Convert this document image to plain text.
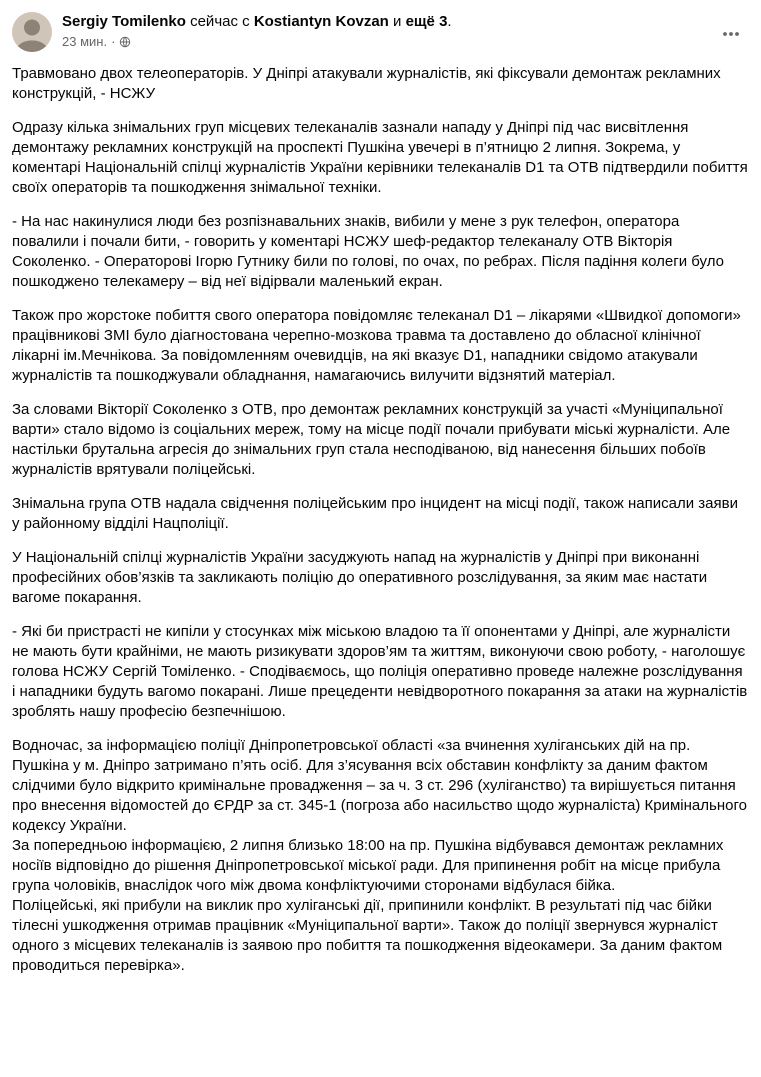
Sergiy Tomilenko сейчас с Kostiantyn Kovzan и ещё 3.
23 мин. ·

Травмовано двох телеоператорів. У Дніпрі атакували журналістів, які фіксували демонтаж рекламних конструкцій, - НСЖУ

Одразу кілька знімальних груп місцевих телеканалів зазнали нападу у Дніпрі під час висвітлення демонтажу рекламних конструкцій на проспекті Пушкіна увечері в п’ятницю 2 липня. Зокрема, у коментарі Національній спілці журналістів України керівники телеканалів D1 та ОТВ підтвердили побиття своїх операторів та пошкодження знімальної техніки.

- На нас накинулися люди без розпізнавальних знаків, вибили у мене з рук телефон, оператора повалили і почали бити, - говорить у коментарі НСЖУ шеф-редактор телеканалу ОТВ Вікторія Соколенко. - Операторові Ігорю Гутнику били по голові, по очах, по ребрах. Після падіння колеги було пошкоджено телекамеру – від неї відірвали маленький екран.

Також про жорстоке побиття свого оператора повідомляє телеканал D1 – лікарями «Швидкої допомоги» працівникові ЗМІ було діагностована черепно-мозкова травма та доставлено до обласної клінічної лікарні ім.Мечнікова. За повідомленням очевидців, на які вказує D1, нападники свідомо атакували журналістів та пошкоджували обладнання, намагаючись вилучити відзнятий матеріал.

За словами Вікторії Соколенко з ОТВ, про демонтаж рекламних конструкцій за участі «Муніципальної варти» стало відомо із соціальних мереж, тому на місце події почали прибувати міські журналісти. Але настільки брутальна агресія до знімальних груп стала несподіваною, від нанесення більших побоїв журналістів врятували поліцейські.

Знімальна група ОТВ надала свідчення поліцейським про інцидент на місці події, також написали заяви у районному відділі Нацполіції.

У Національній спілці журналістів України засуджують напад на журналістів у Дніпрі при виконанні професійних обов’язків та закликають поліцію до оперативного розслідування, за яким має настати вагоме покарання.

- Які би пристрасті не кипіли у стосунках між міською владою та її опонентами у Дніпрі, але журналісти не мають бути крайніми, не мають ризикувати здоров’ям та життям, виконуючи свою роботу, - наголошує голова НСЖУ Сергій Томіленко. - Сподіваємось, що поліція оперативно проведе належне розслідування і нападники будуть вагомо покарані. Лише прецеденти невідворотного покарання за атаки на журналістів зроблять нашу професію безпечнішою.

Водночас, за інформацією поліції Дніпропетровської області «за вчинення хуліганських дій на пр. Пушкіна у м. Дніпро затримано п’ять осіб. Для з’ясування всіх обставин конфлікту за даним фактом слідчими було відкрито кримінальне провадження – за ч. 3 ст. 296 (хуліганство) та вирішується питання про внесення відомостей до ЄРДР за ст. 345-1 (погроза або насильство щодо журналіста) Кримінального кодексу України.

За попередньою інформацією, 2 липня близько 18:00 на пр. Пушкіна відбувався демонтаж рекламних носіїв відповідно до рішення Дніпропетровської міської ради. Для припинення робіт на місце прибула група чоловіків, внаслідок чого між двома конфліктуючими сторонами відбулася бійка.

Поліцейські, які прибули на виклик про хуліганські дії, припинили конфлікт. В результаті під час бійки тілесні ушкодження отримав працівник «Муніципальної варти». Також до поліції звернувся журналіст одного з місцевих телеканалів із заявою про побиття та пошкодження відеокамери. За даним фактом проводиться перевірка».
